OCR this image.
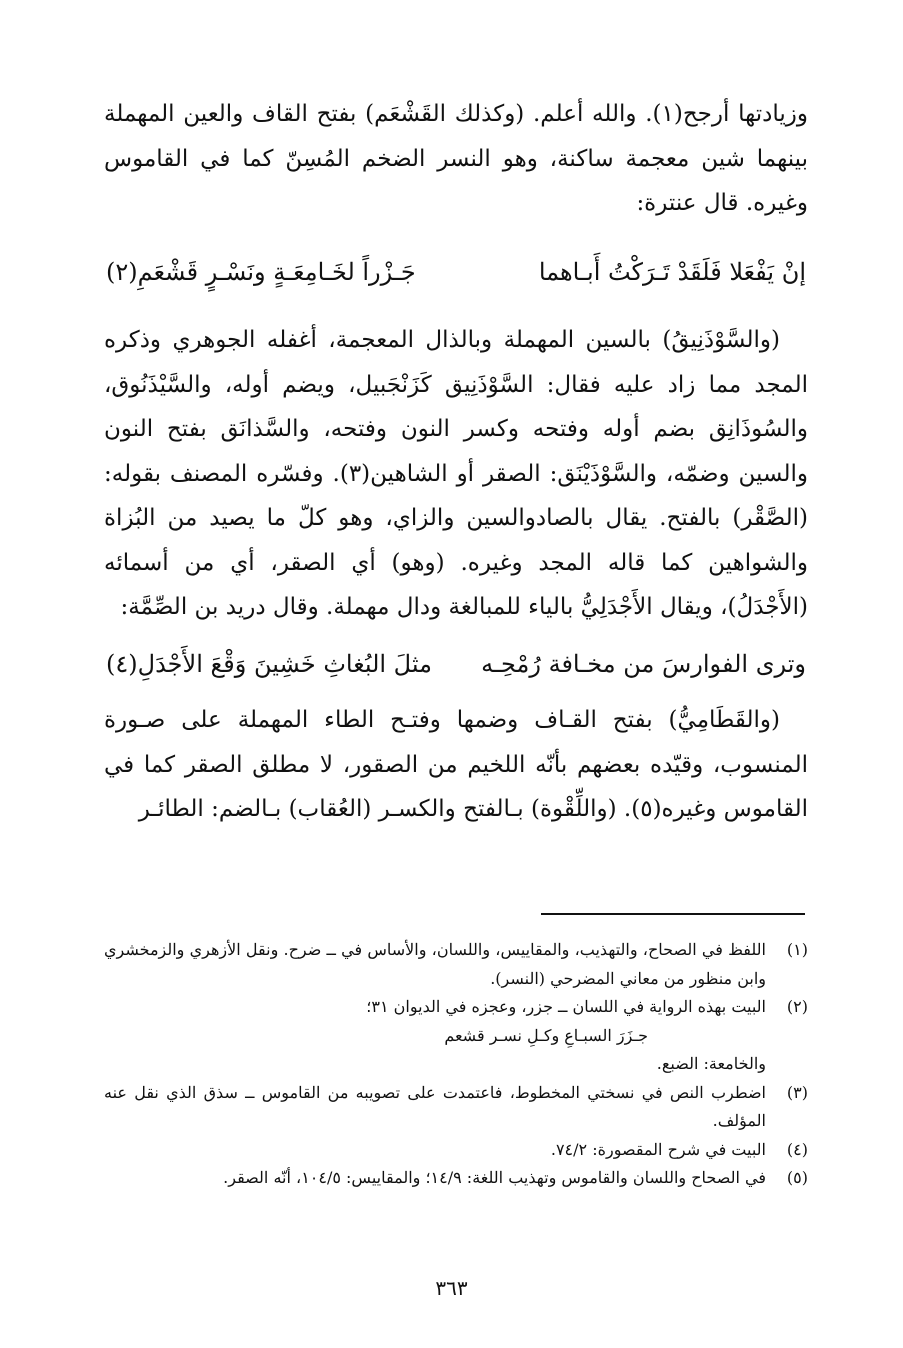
وزيادتها أرجح(١). والله أعلم. (وكذلك القَشْعَم) بفتح القاف والعين المهملة بينهما شين معجمة ساكنة، وهو النسر الضخم المُسِنّ كما في القاموس وغيره. قال عنترة:

إنْ يَفْعَلا فَلَقَدْ تَـرَكْتُ أَبـاهما
جَـزْراً لخَـامِعَـةٍ ونَسْـرٍ قَشْعَمِ(٢)

(والسَّوْذَنِيقُ) بالسين المهملة وبالذال المعجمة، أغفله الجوهري وذكره المجد مما زاد عليه فقال: السَّوْذَنِيق كَزَنْجَبيل، ويضم أوله، والسَّيْذَنُوق، والسُوذَانِق بضم أوله وفتحه وكسر النون وفتحه، والسَّذانَق بفتح النون والسين وضمّه، والسَّوْذَيْنَق: الصقر أو الشاهين(٣). وفسّره المصنف بقوله: (الصَّقْر) بالفتح. يقال بالصادوالسين والزاي، وهو كلّ ما يصيد من البُزاة والشواهين كما قاله المجد وغيره. (وهو) أي الصقر، أي من أسمائه (الأَجْدَلُ)، ويقال الأَجْدَلِيُّ بالياء للمبالغة ودال مهملة. وقال دريد بن الصِّمَّة:

وترى الفوارسَ من مخـافة رُمْحِـه
مثلَ البُغاثِ خَشِينَ وَقْعَ الأَجْدَلِ(٤)

(والقَطَامِيُّ) بفتح القـاف وضمها وفتـح الطاء المهملة على صـورة المنسوب، وقيّده بعضهم بأنّه اللخيم من الصقور، لا مطلق الصقر كما في القاموس وغيره(٥). (واللِّقْوة) بـالفتح والكسـر (العُقاب) بـالضم: الطائـر

(١)
اللفظ في الصحاح، والتهذيب، والمقاييس، واللسان، والأساس في ــ ضرح. ونقل الأزهري والزمخشري وابن منظور من معاني المضرحي (النسر).
(٢)
البيت بهذه الرواية في اللسان ــ جزر، وعجزه في الديوان ٣١؛
جـزَرَ السبـاعِ وكـلِ نسـر قشعم
والخامعة: الضبع.
(٣)
اضطرب النص في نسختي المخطوط، فاعتمدت على تصويبه من القاموس ــ سذق الذي نقل عنه المؤلف.
(٤)
البيت في شرح المقصورة: ٧٤/٢.
(٥)
في الصحاح واللسان والقاموس وتهذيب اللغة: ١٤/٩؛ والمقاييس: ١٠٤/٥، أنّه الصقر.
٣٦٣
